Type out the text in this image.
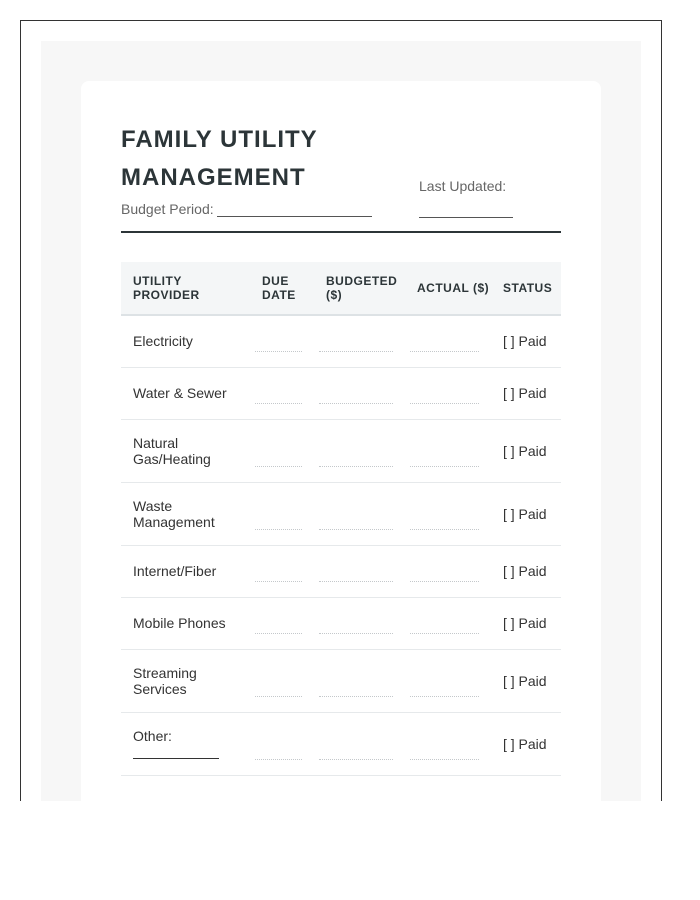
FAMILY UTILITY MANAGEMENT
Budget Period:
Last Updated:
UTILITY PROVIDER	DUE DATE	BUDGETED ($)	ACTUAL ($)	STATUS
Electricity				[ ] Paid
Water & Sewer				[ ] Paid
Natural Gas/Heating				[ ] Paid
Waste Management				[ ] Paid
Internet/Fiber				[ ] Paid
Mobile Phones				[ ] Paid
Streaming Services				[ ] Paid
Other:				[ ] Paid
